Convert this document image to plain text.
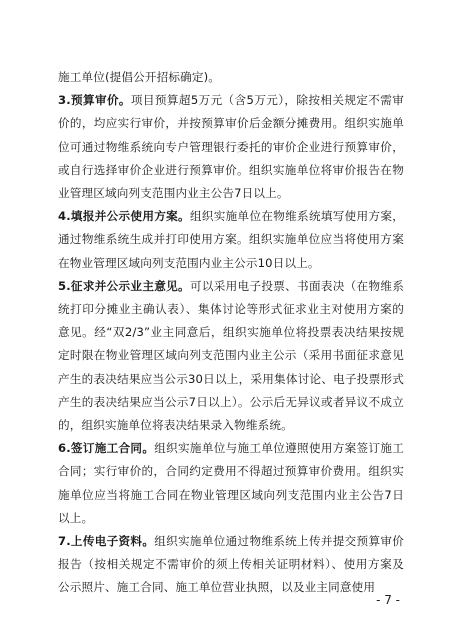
施工单位(提倡公开招标确定)。

3.预算审价。项目预算超5万元（含5万元），除按相关规定不需审价的，均应实行审价，并按预算审价后金额分摊费用。组织实施单位可通过物维系统向专户管理银行委托的审价企业进行预算审价，或自行选择审价企业进行预算审价。组织实施单位将审价报告在物业管理区域向列支范围内业主公告7日以上。

4.填报并公示使用方案。组织实施单位在物维系统填写使用方案，通过物维系统生成并打印使用方案。组织实施单位应当将使用方案在物业管理区域向列支范围内业主公示10日以上。

5.征求并公示业主意见。可以采用电子投票、书面表决（在物维系统打印分摊业主确认表）、集体讨论等形式征求业主对使用方案的意见。经“双2/3”业主同意后，组织实施单位将投票表决结果按规定时限在物业管理区域向列支范围内业主公示（采用书面征求意见产生的表决结果应当公示30日以上，采用集体讨论、电子投票形式产生的表决结果应当公示7日以上）。公示后无异议或者异议不成立的，组织实施单位将表决结果录入物维系统。

6.签订施工合同。组织实施单位与施工单位遵照使用方案签订施工合同；实行审价的，合同约定费用不得超过预算审价费用。组织实施单位应当将施工合同在物业管理区域向列支范围内业主公告7日以上。

7.上传电子资料。组织实施单位通过物维系统上传并提交预算审价报告（按相关规定不需审价的须上传相关证明材料）、使用方案及公示照片、施工合同、施工单位营业执照，以及业主同意使用

- 7 -
